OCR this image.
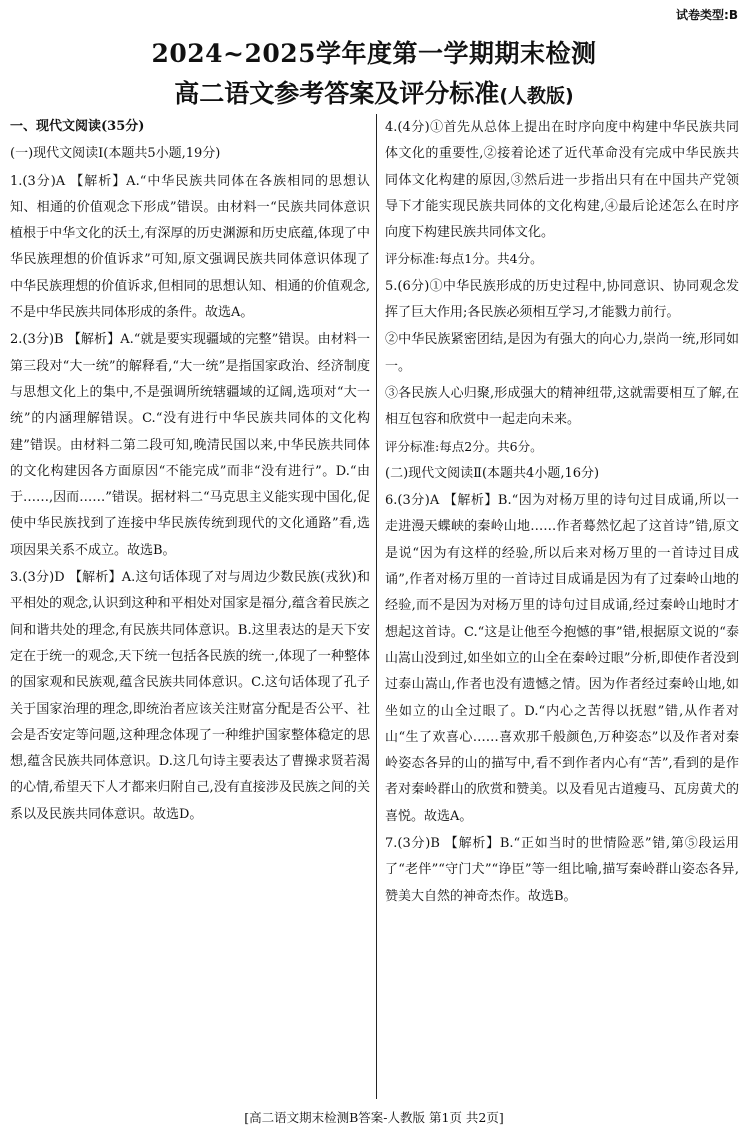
试卷类型:B
2024~2025学年度第一学期期末检测
高二语文参考答案及评分标准(人教版)

一、现代文阅读(35分)

(一)现代文阅读Ⅰ(本题共5小题,19分)

1.(3分)A 【解析】A.“中华民族共同体在各族相同的思想认知、相通的价值观念下形成”错误。由材料一“民族共同体意识植根于中华文化的沃土,有深厚的历史渊源和历史底蕴,体现了中华民族理想的价值诉求”可知,原文强调民族共同体意识体现了中华民族理想的价值诉求,但相同的思想认知、相通的价值观念,不是中华民族共同体形成的条件。故选A。

2.(3分)B 【解析】A.“就是要实现疆域的完整”错误。由材料一第三段对“大一统”的解释看,“大一统”是指国家政治、经济制度与思想文化上的集中,不是强调所统辖疆域的辽阔,选项对“大一统”的内涵理解错误。C.“没有进行中华民族共同体的文化构建”错误。由材料二第二段可知,晚清民国以来,中华民族共同体的文化构建因各方面原因“不能完成”而非“没有进行”。D.“由于……,因而……”错误。据材料二“马克思主义能实现中国化,促使中华民族找到了连接中华民族传统到现代的文化通路”看,选项因果关系不成立。故选B。

3.(3分)D 【解析】A.这句话体现了对与周边少数民族(戎狄)和平相处的观念,认识到这种和平相处对国家是福分,蕴含着民族之间和谐共处的理念,有民族共同体意识。B.这里表达的是天下安定在于统一的观念,天下统一包括各民族的统一,体现了一种整体的国家观和民族观,蕴含民族共同体意识。C.这句话体现了孔子关于国家治理的理念,即统治者应该关注财富分配是否公平、社会是否安定等问题,这种理念体现了一种维护国家整体稳定的思想,蕴含民族共同体意识。D.这几句诗主要表达了曹操求贤若渴的心情,希望天下人才都来归附自己,没有直接涉及民族之间的关系以及民族共同体意识。故选D。

4.(4分)①首先从总体上提出在时序向度中构建中华民族共同体文化的重要性,②接着论述了近代革命没有完成中华民族共同体文化构建的原因,③然后进一步指出只有在中国共产党领导下才能实现民族共同体的文化构建,④最后论述怎么在时序向度下构建民族共同体文化。

评分标准:每点1分。共4分。

5.(6分)①中华民族形成的历史过程中,协同意识、协同观念发挥了巨大作用;各民族必须相互学习,才能戮力前行。

②中华民族紧密团结,是因为有强大的向心力,崇尚一统,形同如一。

③各民族人心归聚,形成强大的精神纽带,这就需要相互了解,在相互包容和欣赏中一起走向未来。

评分标准:每点2分。共6分。

(二)现代文阅读Ⅱ(本题共4小题,16分)

6.(3分)A 【解析】B.“因为对杨万里的诗句过目成诵,所以一走进漫天蝶峡的秦岭山地……作者蓦然忆起了这首诗”错,原文是说“因为有这样的经验,所以后来对杨万里的一首诗过目成诵”,作者对杨万里的一首诗过目成诵是因为有了过秦岭山地的经验,而不是因为对杨万里的诗句过目成诵,经过秦岭山地时才想起这首诗。C.“这是让他至今抱憾的事”错,根据原文说的“泰山嵩山没到过,如坐如立的山全在秦岭过眼”分析,即使作者没到过泰山嵩山,作者也没有遗憾之情。因为作者经过秦岭山地,如坐如立的山全过眼了。D.“内心之苦得以抚慰”错,从作者对山“生了欢喜心……喜欢那千般颜色,万种姿态”以及作者对秦岭姿态各异的山的描写中,看不到作者内心有“苦”,看到的是作者对秦岭群山的欣赏和赞美。以及看见古道瘦马、瓦房黄犬的喜悦。故选A。

7.(3分)B 【解析】B.“正如当时的世情险恶”错,第⑤段运用了“老伴”“守门犬”“诤臣”等一组比喻,描写秦岭群山姿态各异,赞美大自然的神奇杰作。故选B。

[高二语文期末检测B答案-人教版 第1页 共2页]
